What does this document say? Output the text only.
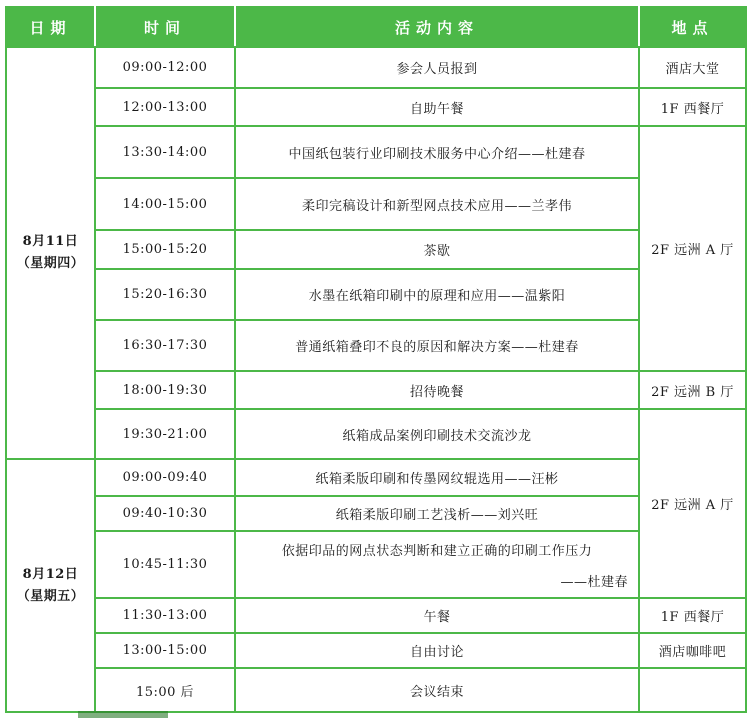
日期	时间	活动内容	地点

8月11日
（星期四）	09:00-12:00	参会人员报到	酒店大堂
	12:00-13:00	自助午餐	1F 西餐厅
	13:30-14:00	中国纸包装行业印刷技术服务中心介绍——杜建春	2F 远洲 A 厅
	14:00-15:00	柔印完稿设计和新型网点技术应用——兰孝伟	
	15:00-15:20	茶歇	
	15:20-16:30	水墨在纸箱印刷中的原理和应用——温紫阳	
	16:30-17:30	普通纸箱叠印不良的原因和解决方案——杜建春	
	18:00-19:30	招待晚餐	2F 远洲 B 厅
	19:30-21:00	纸箱成品案例印刷技术交流沙龙	2F 远洲 A 厅

8月12日
（星期五）	09:00-09:40	纸箱柔版印刷和传墨网纹辊选用——汪彬	
	09:40-10:30	纸箱柔版印刷工艺浅析——刘兴旺	
	10:45-11:30	依据印品的网点状态判断和建立正确的印刷工作压力
——杜建春	

	11:30-13:00	午餐	1F 西餐厅
	13:00-15:00	自由讨论	酒店咖啡吧
	15:00 后	会议结束	
